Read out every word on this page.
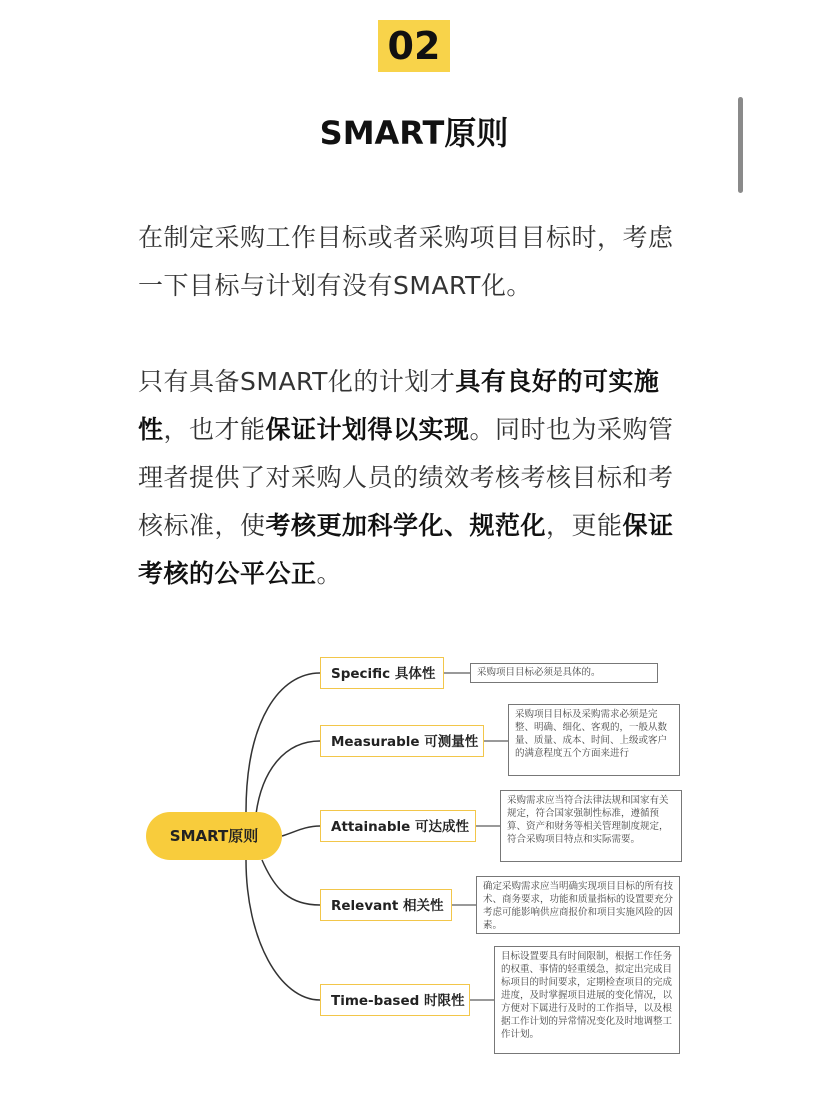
02
SMART原则
在制定采购工作目标或者采购项目目标时，考虑一下目标与计划有没有SMART化。
只有具备SMART化的计划才具有良好的可实施性，也才能保证计划得以实现。同时也为采购管理者提供了对采购人员的绩效考核考核目标和考核标准，使考核更加科学化、规范化，更能保证考核的公平公正。
SMART原则
Specific 具体性	采购项目目标必须是具体的。
Measurable 可测量性
采购项目目标及采购需求必须是完整、明确、细化、客观的，一般从数量、质量、成本、时间、上级或客户的满意程度五个方面来进行
Attainable 可达成性
采购需求应当符合法律法规和国家有关规定，符合国家强制性标准，遵循预算、资产和财务等相关管理制度规定，符合采购项目特点和实际需要。
Relevant 相关性
确定采购需求应当明确实现项目目标的所有技术、商务要求，功能和质量指标的设置要充分考虑可能影响供应商报价和项目实施风险的因素。
Time-based 时限性
目标设置要具有时间限制，根据工作任务的权重、事情的轻重缓急，拟定出完成目标项目的时间要求，定期检查项目的完成进度，及时掌握项目进展的变化情况，以方便对下属进行及时的工作指导，以及根据工作计划的异常情况变化及时地调整工作计划。
